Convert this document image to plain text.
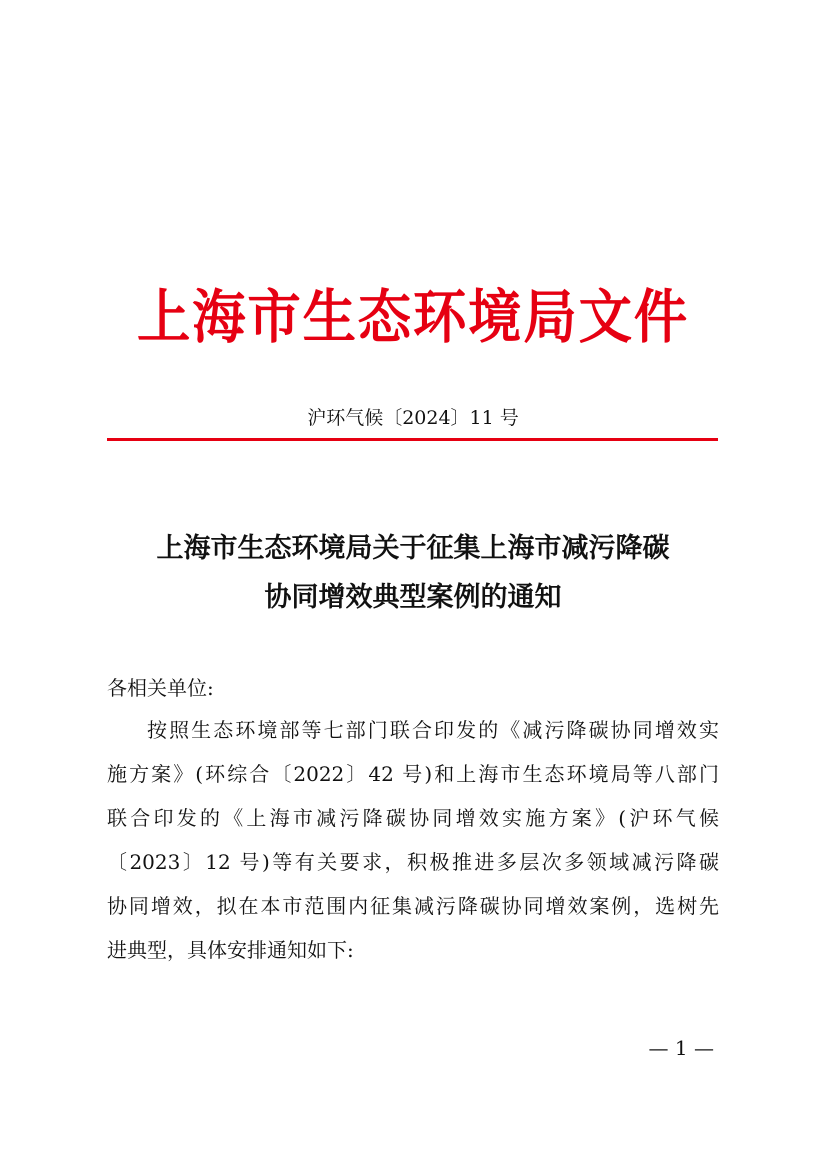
上海市生态环境局文件
沪环气候〔2024〕11 号
上海市生态环境局关于征集上海市减污降碳
协同增效典型案例的通知
各相关单位:
按照生态环境部等七部门联合印发的《减污降碳协同增效实
施方案》(环综合〔2022〕42 号)和上海市生态环境局等八部门
联合印发的《上海市减污降碳协同增效实施方案》(沪环气候
〔2023〕12 号)等有关要求，积极推进多层次多领域减污降碳
协同增效，拟在本市范围内征集减污降碳协同增效案例，选树先
进典型，具体安排通知如下:
— 1 —
